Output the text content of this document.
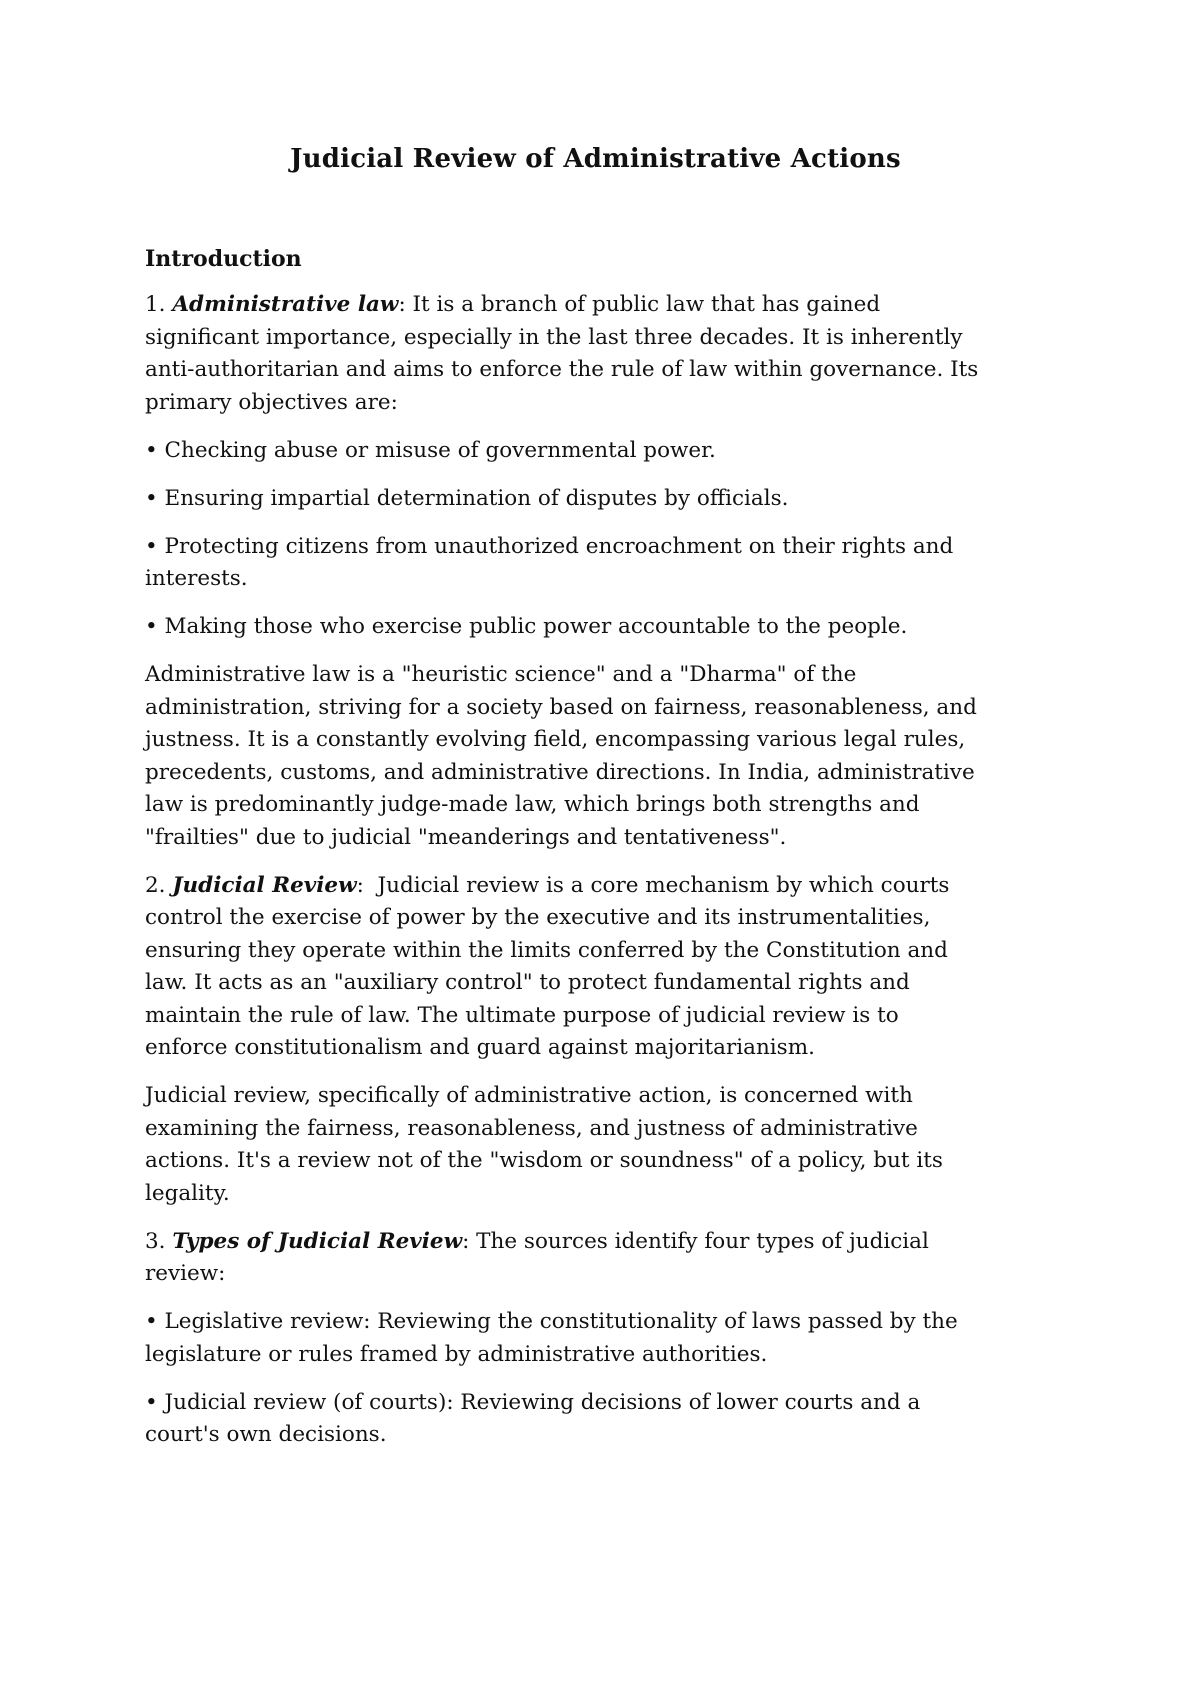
Judicial Review of Administrative Actions
Introduction

1. Administrative law: It is a branch of public law that has gained
significant importance, especially in the last three decades. It is inherently
anti-authoritarian and aims to enforce the rule of law within governance. Its
primary objectives are:

• Checking abuse or misuse of governmental power.

• Ensuring impartial determination of disputes by officials.

• Protecting citizens from unauthorized encroachment on their rights and
interests.

• Making those who exercise public power accountable to the people.

Administrative law is a "heuristic science" and a "Dharma" of the
administration, striving for a society based on fairness, reasonableness, and
justness. It is a constantly evolving field, encompassing various legal rules,
precedents, customs, and administrative directions. In India, administrative
law is predominantly judge-made law, which brings both strengths and
"frailties" due to judicial "meanderings and tentativeness".

2. Judicial Review:  Judicial review is a core mechanism by which courts
control the exercise of power by the executive and its instrumentalities,
ensuring they operate within the limits conferred by the Constitution and
law. It acts as an "auxiliary control" to protect fundamental rights and
maintain the rule of law. The ultimate purpose of judicial review is to
enforce constitutionalism and guard against majoritarianism.

Judicial review, specifically of administrative action, is concerned with
examining the fairness, reasonableness, and justness of administrative
actions. It's a review not of the "wisdom or soundness" of a policy, but its
legality.

3. Types of Judicial Review: The sources identify four types of judicial
review:

• Legislative review: Reviewing the constitutionality of laws passed by the
legislature or rules framed by administrative authorities.

• Judicial review (of courts): Reviewing decisions of lower courts and a
court's own decisions.
